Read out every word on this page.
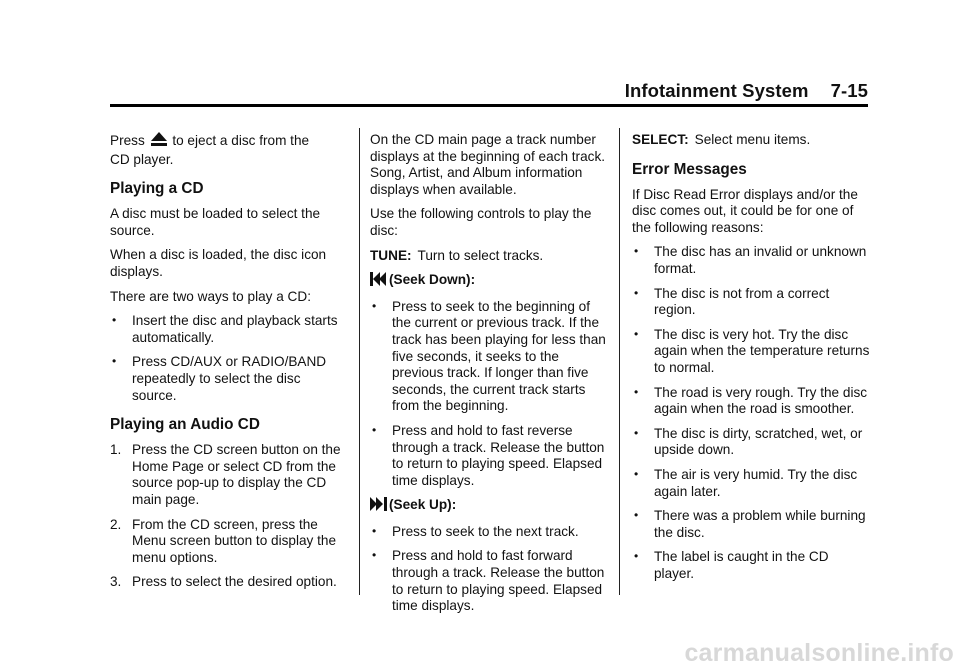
Infotainment System 7-15

Press to eject a disc from the
CD player.

Playing a CD

A disc must be loaded to select the source.

When a disc is loaded, the disc icon displays.

There are two ways to play a CD:

• Insert the disc and playback starts automatically.
• Press CD/AUX or RADIO/BAND repeatedly to select the disc source.
Playing an Audio CD
1. Press the CD screen button on the Home Page or select CD from the source pop-up to display the CD main page.
2. From the CD screen, press the Menu screen button to display the menu options.
3. Press to select the desired option.

On the CD main page a track number displays at the beginning of each track. Song, Artist, and Album information displays when available.

Use the following controls to play the disc:

TUNE: Turn to select tracks.

(Seek Down):

• Press to seek to the beginning of the current or previous track. If the track has been playing for less than five seconds, it seeks to the previous track. If longer than five seconds, the current track starts from the beginning.
• Press and hold to fast reverse through a track. Release the button to return to playing speed. Elapsed time displays.

(Seek Up):

• Press to seek to the next track.
• Press and hold to fast forward through a track. Release the button to return to playing speed. Elapsed time displays.

SELECT: Select menu items.

Error Messages

If Disc Read Error displays and/or the disc comes out, it could be for one of the following reasons:

• The disc has an invalid or unknown format.
• The disc is not from a correct region.
• The disc is very hot. Try the disc again when the temperature returns to normal.
• The road is very rough. Try the disc again when the road is smoother.
• The disc is dirty, scratched, wet, or upside down.
• The air is very humid. Try the disc again later.
• There was a problem while burning the disc.
• The label is caught in the CD player.
carmanualsonline.info
